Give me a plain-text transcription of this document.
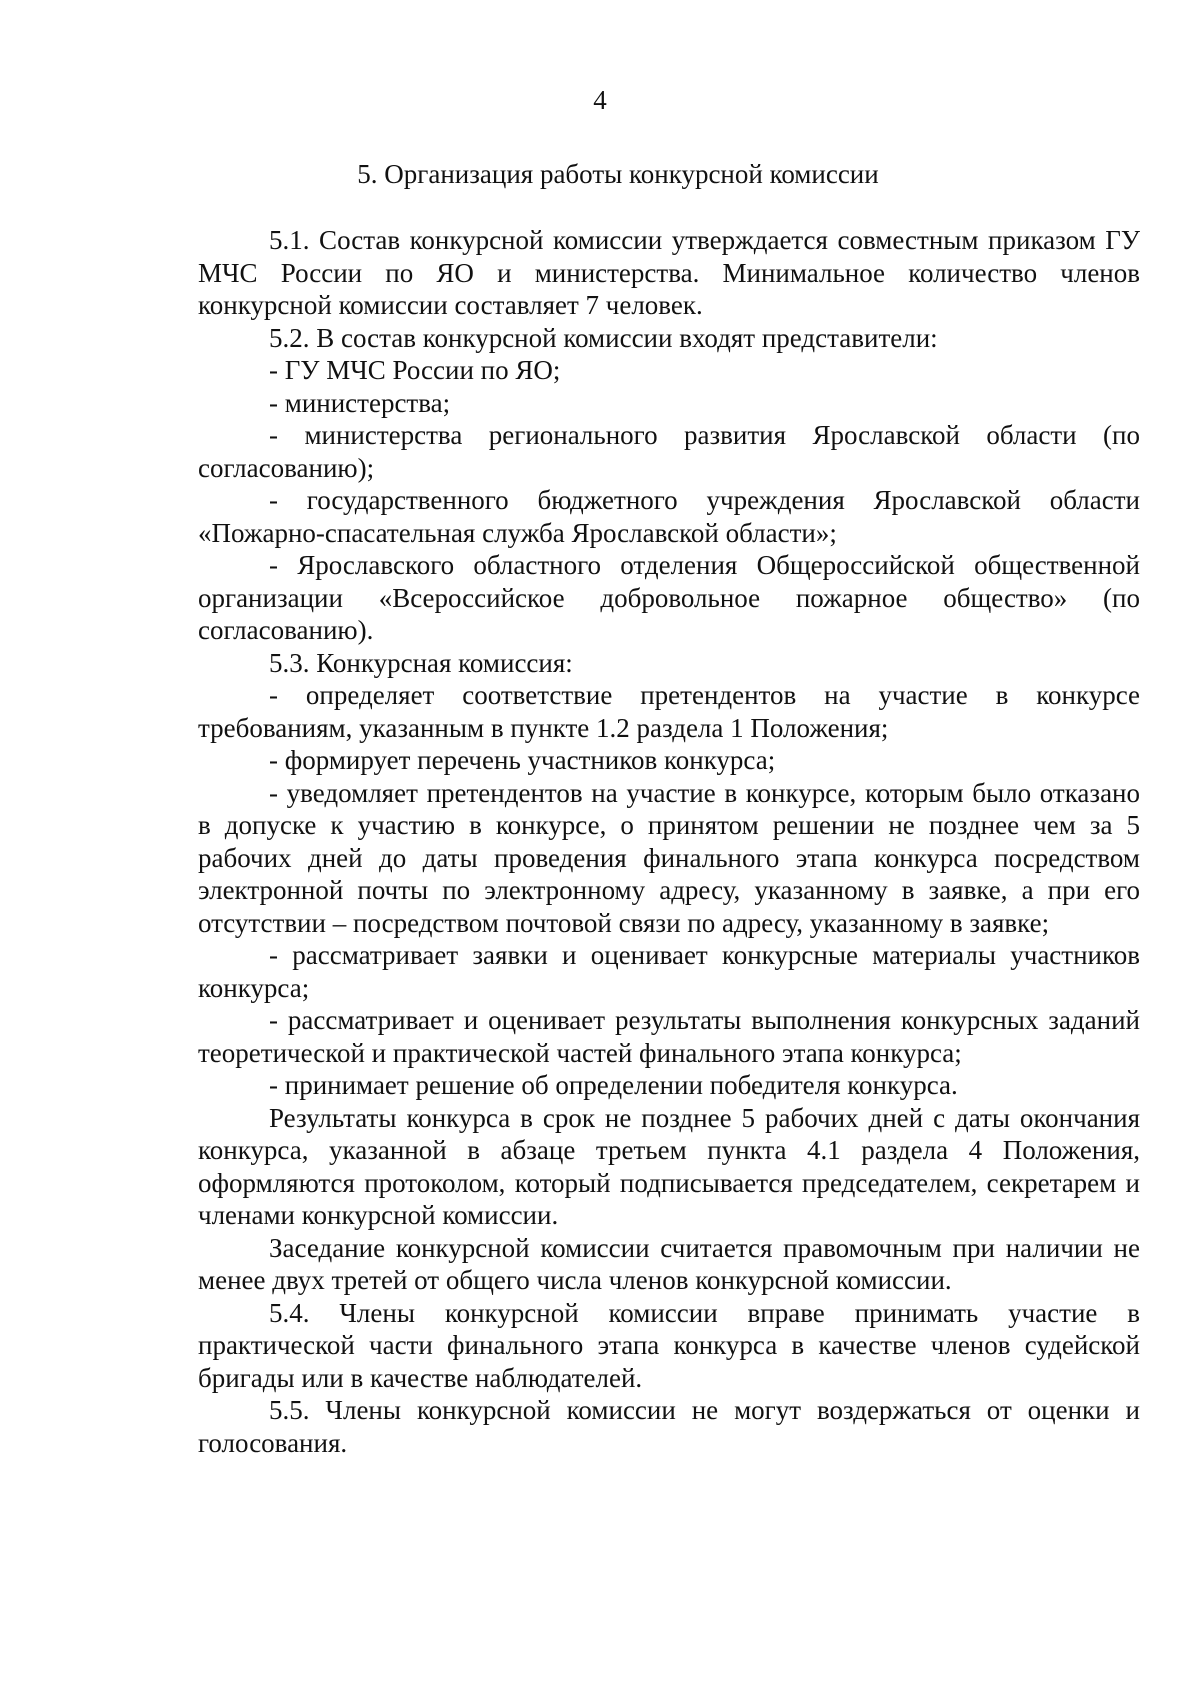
4
5. Организация работы конкурсной комиссии

5.1. Состав конкурсной комиссии утверждается совместным приказом ГУ МЧС России по ЯО и министерства. Минимальное количество членов конкурсной комиссии составляет 7 человек.

5.2. В состав конкурсной комиссии входят представители:

- ГУ МЧС России по ЯО;

- министерства;

- министерства регионального развития Ярославской области (по согласованию);

- государственного бюджетного учреждения Ярославской области «Пожарно-спасательная служба Ярославской области»;

- Ярославского областного отделения Общероссийской общественной организации «Всероссийское добровольное пожарное общество» (по согласованию).

5.3. Конкурсная комиссия:

- определяет соответствие претендентов на участие в конкурсе требованиям, указанным в пункте 1.2 раздела 1 Положения;

- формирует перечень участников конкурса;

- уведомляет претендентов на участие в конкурсе, которым было отказано в допуске к участию в конкурсе, о принятом решении не позднее чем за 5 рабочих дней до даты проведения финального этапа конкурса посредством электронной почты по электронному адресу, указанному в заявке, а при его отсутствии – посредством почтовой связи по адресу, указанному в заявке;

- рассматривает заявки и оценивает конкурсные материалы участников конкурса;

- рассматривает и оценивает результаты выполнения конкурсных заданий теоретической и практической частей финального этапа конкурса;

- принимает решение об определении победителя конкурса.

Результаты конкурса в срок не позднее 5 рабочих дней с даты окончания конкурса, указанной в абзаце третьем пункта 4.1 раздела 4 Положения, оформляются протоколом, который подписывается председателем, секретарем и членами конкурсной комиссии.

Заседание конкурсной комиссии считается правомочным при наличии не менее двух третей от общего числа членов конкурсной комиссии.

5.4. Члены конкурсной комиссии вправе принимать участие в практической части финального этапа конкурса в качестве членов судейской бригады или в качестве наблюдателей.

5.5. Члены конкурсной комиссии не могут воздержаться от оценки и голосования.
